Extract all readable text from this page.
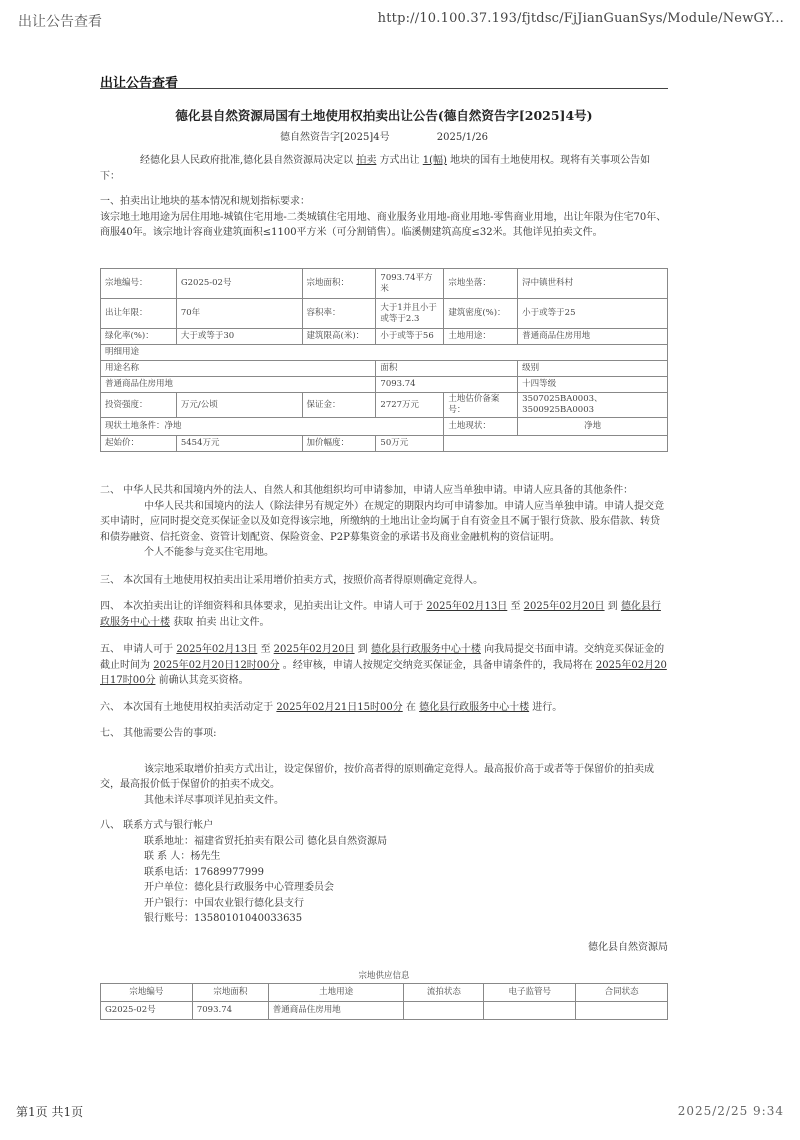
出让公告查看	http://10.100.37.193/fjtdsc/FjJianGuanSys/Module/NewGY...
出让公告查看
德化县自然资源局国有土地使用权拍卖出让公告(德自然资告字[2025]4号)
德自然资告字[2025]4号	2025/1/26

经德化县人民政府批准,德化县自然资源局决定以 拍卖 方式出让 1(幅) 地块的国有土地使用权。现将有关事项公告如下：

一、拍卖出让地块的基本情况和规划指标要求：

该宗地土地用途为居住用地-城镇住宅用地-二类城镇住宅用地、商业服务业用地-商业用地-零售商业用地，出让年限为住宅70年、商服40年。该宗地计容商业建筑面积≤1100平方米（可分割销售）。临溪侧建筑高度≤32米。其他详见拍卖文件。

宗地编号：	G2025-02号	宗地面积：	7093.74平方米	宗地坐落：	浔中镇世科村
出让年限：	70年	容积率：	大于1并且小于或等于2.3	建筑密度(%)：	小于或等于25
绿化率(%)：	大于或等于30	建筑限高(米)：	小于或等于56	土地用途：	普通商品住房用地
明细用途					
用途名称			面积		级别
普通商品住房用地			7093.74		十四等级
投资强度：	万元/公顷	保证金：	2727万元	土地估价备案号：	3507025BA0003、3500925BA0003
现状土地条件：净地				土地现状：	净地
起始价：	5454万元	加价幅度：	50万元		

二、 中华人民共和国境内外的法人、自然人和其他组织均可申请参加，申请人应当单独申请。申请人应具备的其他条件：

中华人民共和国境内的法人（除法律另有规定外）在规定的期限内均可申请参加。申请人应当单独申请。申请人提交竞买申请时，应同时提交竞买保证金以及如竞得该宗地，所缴纳的土地出让金均属于自有资金且不属于银行贷款、股东借款、转贷和债券融资、信托资金、资管计划配资、保险资金、P2P募集资金的承诺书及商业金融机构的资信证明。

个人不能参与竞买住宅用地。

三、 本次国有土地使用权拍卖出让采用增价拍卖方式，按照价高者得原则确定竞得人。

四、 本次拍卖出让的详细资料和具体要求，见拍卖出让文件。申请人可于 2025年02月13日 至 2025年02月20日 到 德化县行政服务中心十楼 获取 拍卖 出让文件。

五、 申请人可于 2025年02月13日 至 2025年02月20日 到 德化县行政服务中心十楼 向我局提交书面申请。交纳竞买保证金的截止时间为 2025年02月20日12时00分 。经审核，申请人按规定交纳竞买保证金，具备申请条件的，我局将在 2025年02月20日17时00分 前确认其竞买资格。

六、 本次国有土地使用权拍卖活动定于 2025年02月21日15时00分 在 德化县行政服务中心十楼 进行。

七、 其他需要公告的事项:

该宗地采取增价拍卖方式出让，设定保留价，按价高者得的原则确定竞得人。最高报价高于或者等于保留价的拍卖成交，最高报价低于保留价的拍卖不成交。

其他未详尽事项详见拍卖文件。

八、 联系方式与银行帐户

联系地址：福建省贸托拍卖有限公司 德化县自然资源局

联 系 人：杨先生

联系电话：17689977999

开户单位：德化县行政服务中心管理委员会

开户银行：中国农业银行德化县支行

银行账号：13580101040033635

德化县自然资源局
宗地供应信息
宗地编号	宗地面积	土地用途	流拍状态	电子监管号	合同状态
G2025-02号	7093.74	普通商品住房用地			
第1页 共1页	2025/2/25 9:34
